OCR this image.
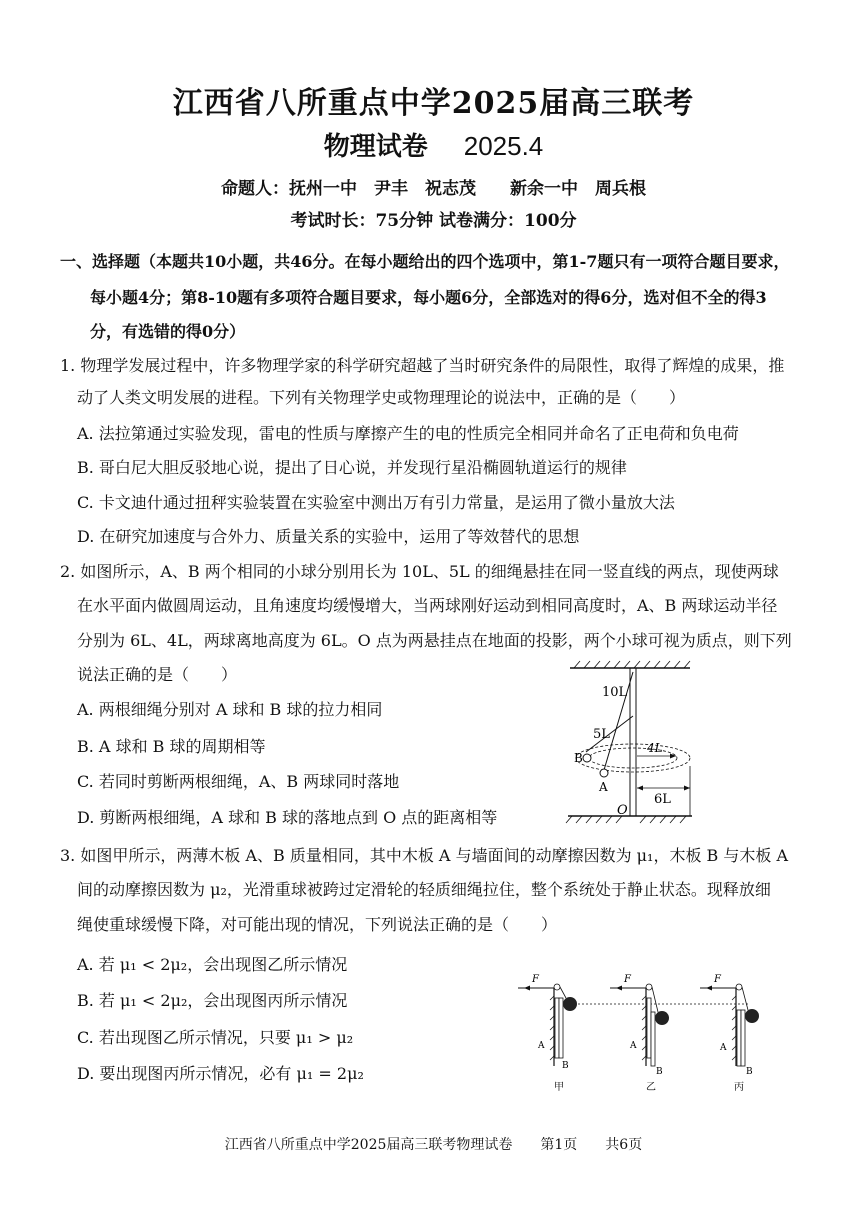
江西省八所重点中学2025届高三联考
物理试卷 2025.4
命题人：抚州一中　尹丰　祝志茂　　新余一中　周兵根
考试时长：75分钟 试卷满分：100分
一、选择题（本题共10小题，共46分。在每小题给出的四个选项中，第1-7题只有一项符合题目要求，
每小题4分；第8-10题有多项符合题目要求，每小题6分，全部选对的得6分，选对但不全的得3
分，有选错的得0分）
1. 物理学发展过程中，许多物理学家的科学研究超越了当时研究条件的局限性，取得了辉煌的成果，推
动了人类文明发展的进程。下列有关物理学史或物理理论的说法中，正确的是（　　）
A. 法拉第通过实验发现，雷电的性质与摩擦产生的电的性质完全相同并命名了正电荷和负电荷
B. 哥白尼大胆反驳地心说，提出了日心说，并发现行星沿椭圆轨道运行的规律
C. 卡文迪什通过扭秤实验装置在实验室中测出万有引力常量，是运用了微小量放大法
D. 在研究加速度与合外力、质量关系的实验中，运用了等效替代的思想
2. 如图所示，A、B 两个相同的小球分别用长为 10L、5L 的细绳悬挂在同一竖直线的两点，现使两球
在水平面内做圆周运动，且角速度均缓慢增大，当两球刚好运动到相同高度时，A、B 两球运动半径
分别为 6L、4L，两球离地高度为 6L。O 点为两悬挂点在地面的投影，两个小球可视为质点，则下列
说法正确的是（　　）
A. 两根细绳分别对 A 球和 B 球的拉力相同
B. A 球和 B 球的周期相等
C. 若同时剪断两根细绳，A、B 两球同时落地
D. 剪断两根细绳，A 球和 B 球的落地点到 O 点的距离相等
10L
5L
4L
6L
B
A
O
3. 如图甲所示，两薄木板 A、B 质量相同，其中木板 A 与墙面间的动摩擦因数为 μ₁，木板 B 与木板 A
间的动摩擦因数为 μ₂，光滑重球被跨过定滑轮的轻质细绳拉住，整个系统处于静止状态。现释放细
绳使重球缓慢下降，对可能出现的情况，下列说法正确的是（　　）
A. 若 μ₁ < 2μ₂，会出现图乙所示情况
B. 若 μ₁ < 2μ₂，会出现图丙所示情况
C. 若出现图乙所示情况，只要 μ₁ > μ₂
D. 要出现图丙所示情况，必有 μ₁ = 2μ₂
F
A
B
甲
F
A
B
乙
F
A
B
丙
江西省八所重点中学2025届高三联考物理试卷　　第1页　　共6页
